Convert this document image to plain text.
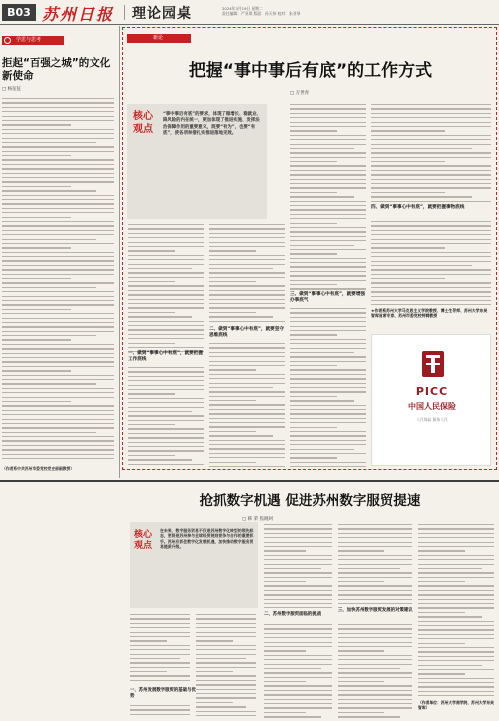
B03 苏州日报 理论园桌	2024年3月19日 星期二
责任编辑：严亚琪 版面：孙天伟 校对：朱亚琴
学思与思考
拒起“百强之城”的文化新使命
□ 杨征征
（作者系中共苏州市委党校党史部副教授）
新论
把握“事中事后有底”的工作方式
□ 万世青
核心观点
“事中事后有底”的要求，体现了稳增长、稳就业、降风险的内在统一，更加体现了推进实施、发挥法治保障作用的重要意义，既要“有为”，也要“有底”，使各项举措扎实推进落地见效。
一、做到“事事心中有底”，就要把握工作底线
二、做到“事事心中有底”，就要坚守思维底线
三、做到“事事心中有底”，就要增强办事底气
四、做到“事事心中有底”，就要把握事物底线
★作者系苏州大学马克思主义学院教授、博士生导师、苏州大学东吴智库首席专家、苏州市委党校特聘教授
PICC
中国人民保险
人民保险 服务人民
抢抓数字机遇 促进苏州数字服贸提速
□ 韩 荣 焦晓珂
核心观点
在未来，数字服务贸易不仅是苏州数字化转型的领先标志，更将是苏州参与全球经贸规则竞争与合作的重要抓手。苏州应抓住数字化发展机遇，加快推动数字服务贸易提质升级。
一、苏州发展数字服贸的基础与优势
二、苏州数字服贸面临的挑战
三、加快苏州数字服贸发展的对策建议
（作者单位：苏州大学商学院、苏州大学东吴智库）
